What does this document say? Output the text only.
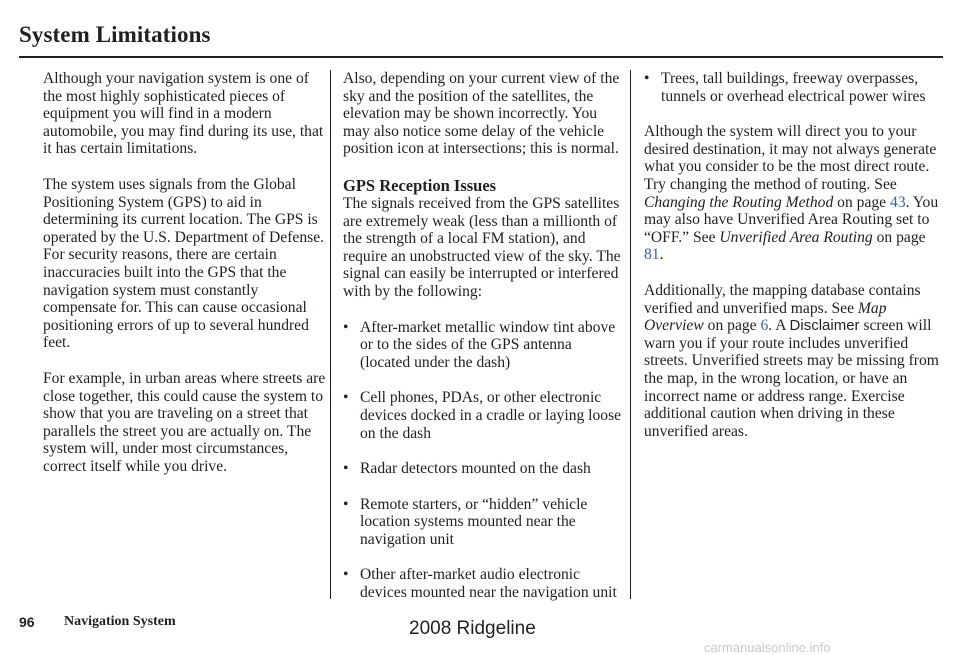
System Limitations

Although your navigation system is one of the most highly sophisticated pieces of equipment you will find in a modern automobile, you may find during its use, that it has certain limitations.

The system uses signals from the Global Positioning System (GPS) to aid in determining its current location. The GPS is operated by the U.S. Department of Defense. For security reasons, there are certain inaccuracies built into the GPS that the navigation system must constantly compensate for. This can cause occasional positioning errors of up to several hundred feet.

For example, in urban areas where streets are close together, this could cause the system to show that you are traveling on a street that parallels the street you are actually on. The system will, under most circumstances, correct itself while you drive.

Also, depending on your current view of the sky and the position of the satellites, the elevation may be shown incorrectly. You may also notice some delay of the vehicle position icon at intersections; this is normal.

GPS Reception Issues

The signals received from the GPS satellites are extremely weak (less than a millionth of the strength of a local FM station), and require an unobstructed view of the sky. The signal can easily be interrupted or interfered with by the following:

• After-market metallic window tint above or to the sides of the GPS antenna (located under the dash)
• Cell phones, PDAs, or other electronic devices docked in a cradle or laying loose on the dash
• Radar detectors mounted on the dash
• Remote starters, or “hidden” vehicle location systems mounted near the navigation unit
• Other after-market audio electronic devices mounted near the navigation unit
• Trees, tall buildings, freeway overpasses, tunnels or overhead electrical power wires

Although the system will direct you to your desired destination, it may not always generate what you consider to be the most direct route. Try changing the method of routing. See Changing the Routing Method on page 43. You may also have Unverified Area Routing set to “OFF.” See Unverified Area Routing on page 81.

Additionally, the mapping database contains verified and unverified maps. See Map Overview on page 6. A Disclaimer screen will warn you if your route includes unverified streets. Unverified streets may be missing from the map, in the wrong location, or have an incorrect name or address range. Exercise additional caution when driving in these unverified areas.

96 Navigation System	2008 Ridgeline
carmanualsonline.info
